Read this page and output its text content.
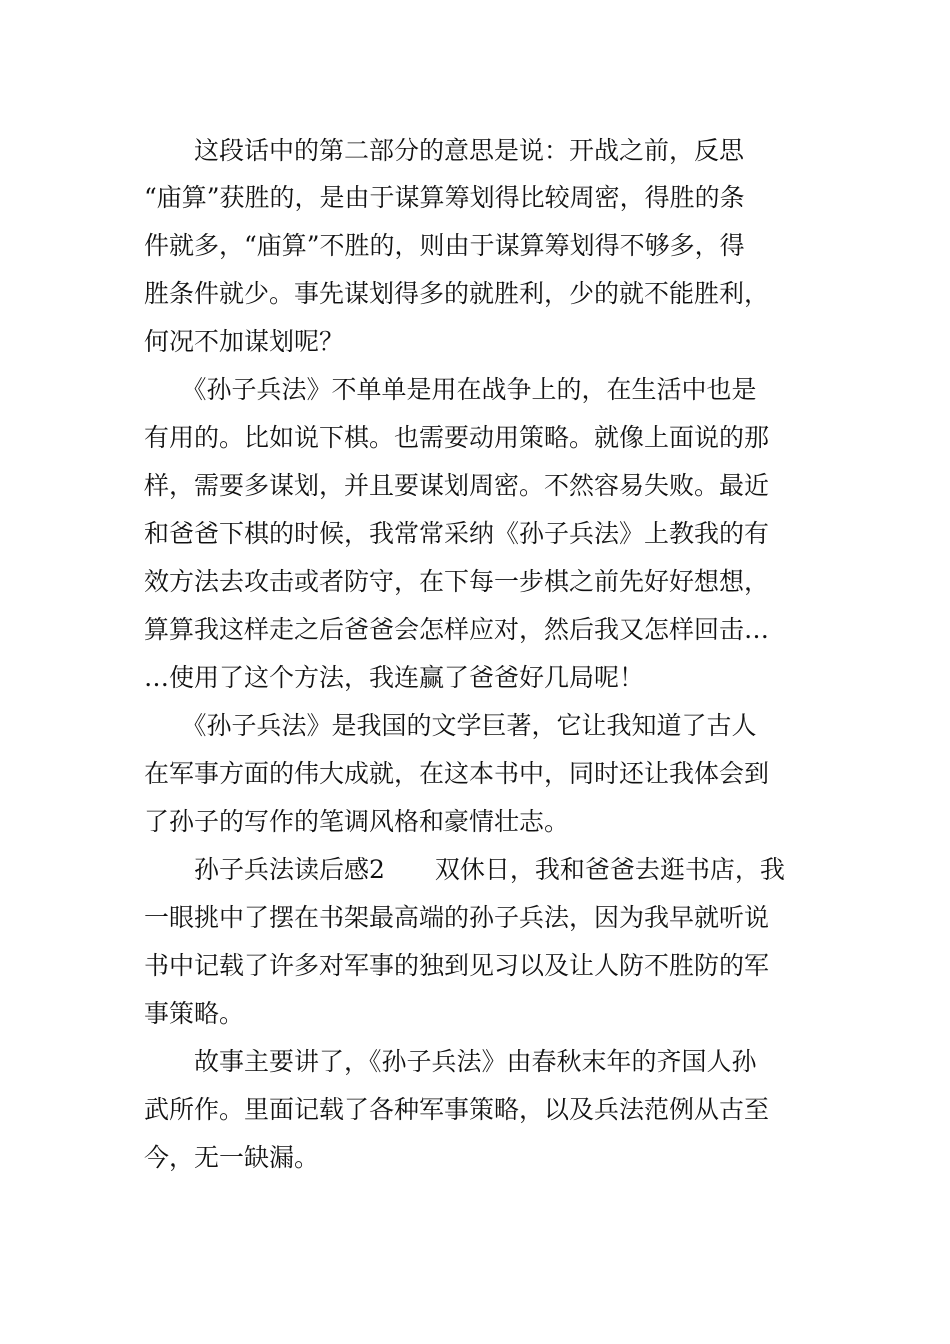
　　这段话中的第二部分的意思是说：开战之前，反思

“庙算”获胜的，是由于谋算筹划得比较周密，得胜的条

件就多，“庙算”不胜的，则由于谋算筹划得不够多，得

胜条件就少。事先谋划得多的就胜利，少的就不能胜利，

何况不加谋划呢？

　　《孙子兵法》不单单是用在战争上的，在生活中也是

有用的。比如说下棋。也需要动用策略。就像上面说的那

样，需要多谋划，并且要谋划周密。不然容易失败。最近

和爸爸下棋的时候，我常常采纳《孙子兵法》上教我的有

效方法去攻击或者防守，在下每一步棋之前先好好想想，

算算我这样走之后爸爸会怎样应对，然后我又怎样回击…

…使用了这个方法，我连赢了爸爸好几局呢！

　　《孙子兵法》是我国的文学巨著，它让我知道了古人

在军事方面的伟大成就，在这本书中，同时还让我体会到

了孙子的写作的笔调风格和豪情壮志。

　　孙子兵法读后感2　　双休日，我和爸爸去逛书店，我

一眼挑中了摆在书架最高端的孙子兵法，因为我早就听说

书中记载了许多对军事的独到见习以及让人防不胜防的军

事策略。

　　故事主要讲了，《孙子兵法》由春秋末年的齐国人孙

武所作。里面记载了各种军事策略，以及兵法范例从古至

今，无一缺漏。
